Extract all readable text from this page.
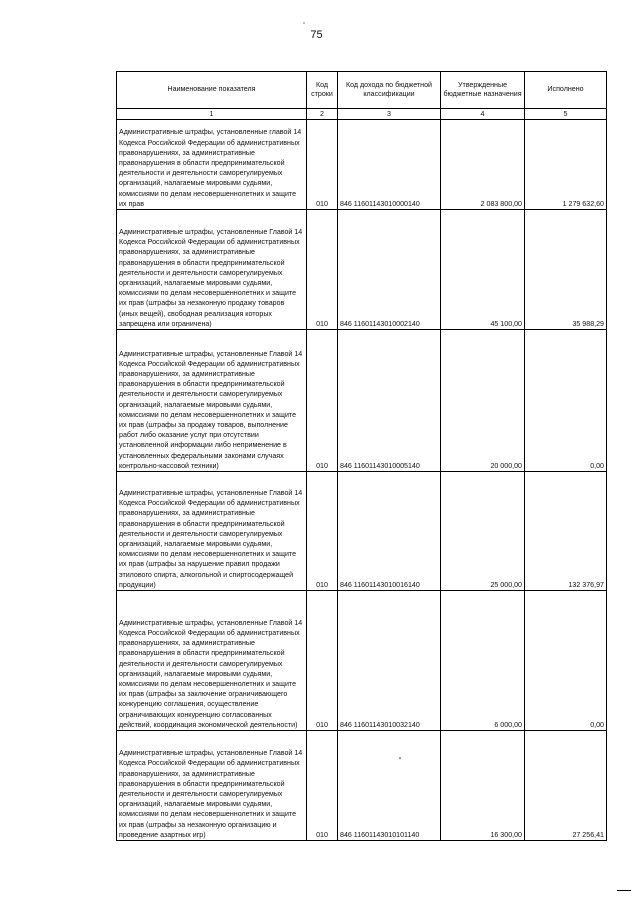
75
Наименование показателя	Код строки	Код дохода по бюджетной классификации	Утвержденные бюджетные назначения	Исполнено
1	2	3	4	5
Административные штрафы, установленные главой 14 Кодекса Российской Федерации об административных правонарушениях, за административные правонарушения в области предпринимательской деятельности и деятельности саморегулируемых организаций, налагаемые мировыми судьями, комиссиями по делам несовершеннолетних и защите их прав	010	846 11601143010000140	2 083 800,00	1 279 632,60
Административные штрафы, установленные Главой 14 Кодекса Российской Федерации об административных правонарушениях, за административные правонарушения в области предпринимательской деятельности и деятельности саморегулируемых организаций, налагаемые мировыми судьями, комиссиями по делам несовершеннолетних и защите их прав (штрафы за незаконную продажу товаров (иных вещей), свободная реализация которых запрещена или ограничена)	010	846 11601143010002140	45 100,00	35 988,29
Административные штрафы, установленные Главой 14 Кодекса Российской Федерации об административных правонарушениях, за административные правонарушения в области предпринимательской деятельности и деятельности саморегулируемых организаций, налагаемые мировыми судьями, комиссиями по делам несовершеннолетних и защите их прав (штрафы за продажу товаров, выполнение работ либо оказание услуг при отсутствии установленной информации либо неприменение в установленных федеральными законами случаях контрольно-кассовой техники)	010	846 11601143010005140	20 000,00	0,00
Административные штрафы, установленные Главой 14 Кодекса Российской Федерации об административных правонарушениях, за административные правонарушения в области предпринимательской деятельности и деятельности саморегулируемых организаций, налагаемые мировыми судьями, комиссиями по делам несовершеннолетних и защите их прав (штрафы за нарушение правил продажи этилового спирта, алкогольной и спиртосодержащей продукции)	010	846 11601143010016140	25 000,00	132 376,97
Административные штрафы, установленные Главой 14 Кодекса Российской Федерации об административных правонарушениях, за административные правонарушения в области предпринимательской деятельности и деятельности саморегулируемых организаций, налагаемые мировыми судьями, комиссиями по делам несовершеннолетних и защите их прав (штрафы за заключение ограничивающего конкуренцию соглашения, осуществление ограничивающих конкуренцию согласованных действий, координация экономической деятельности)	010	846 11601143010032140	6 000,00	0,00
Административные штрафы, установленные Главой 14 Кодекса Российской Федерации об административных правонарушениях, за административные правонарушения в области предпринимательской деятельности и деятельности саморегулируемых организаций, налагаемые мировыми судьями, комиссиями по делам несовершеннолетних и защите их прав (штрафы за незаконную организацию и проведение азартных игр)	010	846 11601143010101140	16 300,00	27 256,41
